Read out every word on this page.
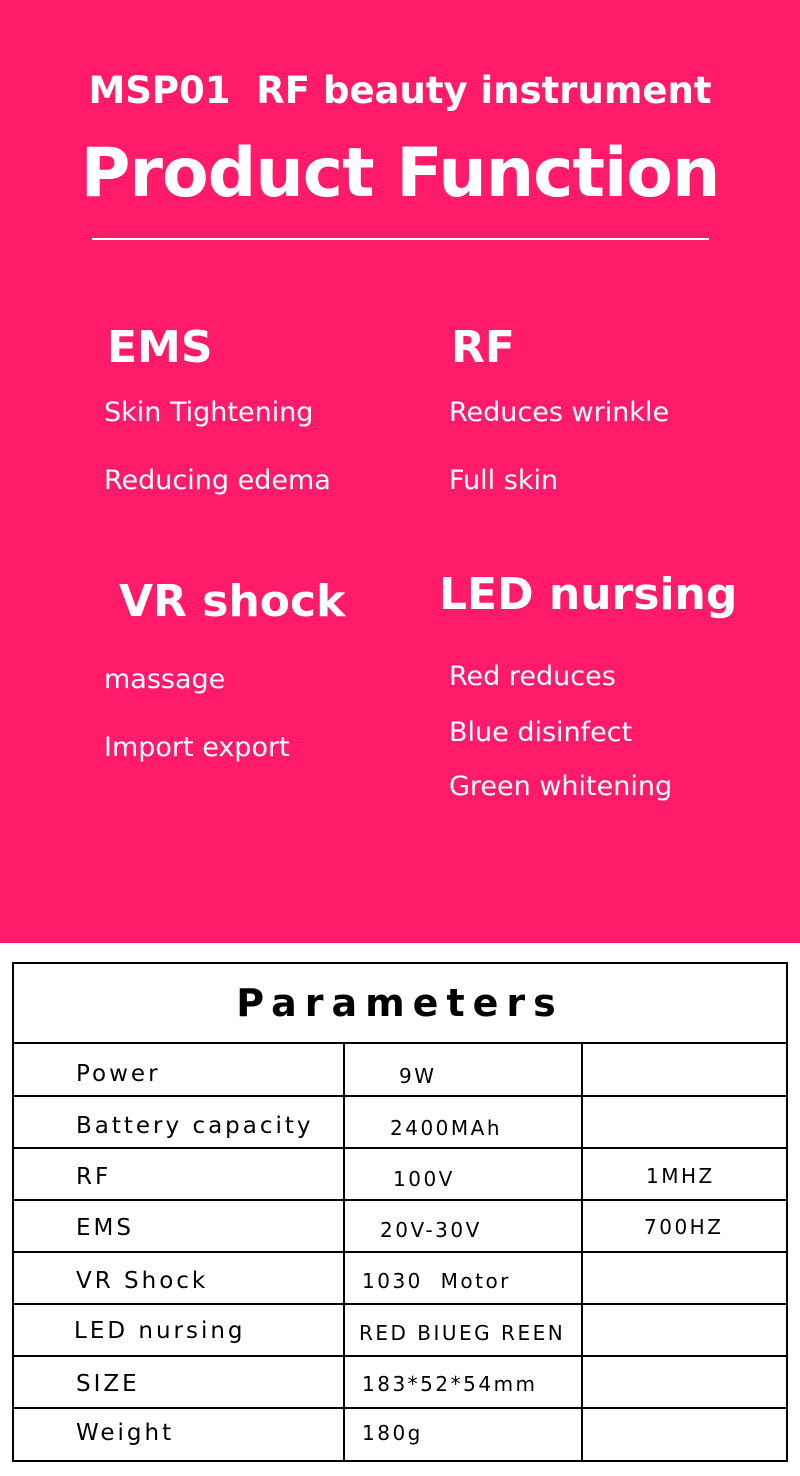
MSP01  RF beauty instrument
Product Function
EMS
Skin Tightening
Reducing edema
RF
Reduces wrinkle
Full skin
VR shock
massage
Import export
LED nursing
Red reduces
Blue disinfect
Green whitening
Parameters
Power	9W
Battery capacity	2400MAh
RF	100V	1MHZ
EMS	20V-30V	700HZ
VR Shock	1030  Motor
LED nursing	RED BIUEG REEN
SIZE	183*52*54mm
Weight	180g
